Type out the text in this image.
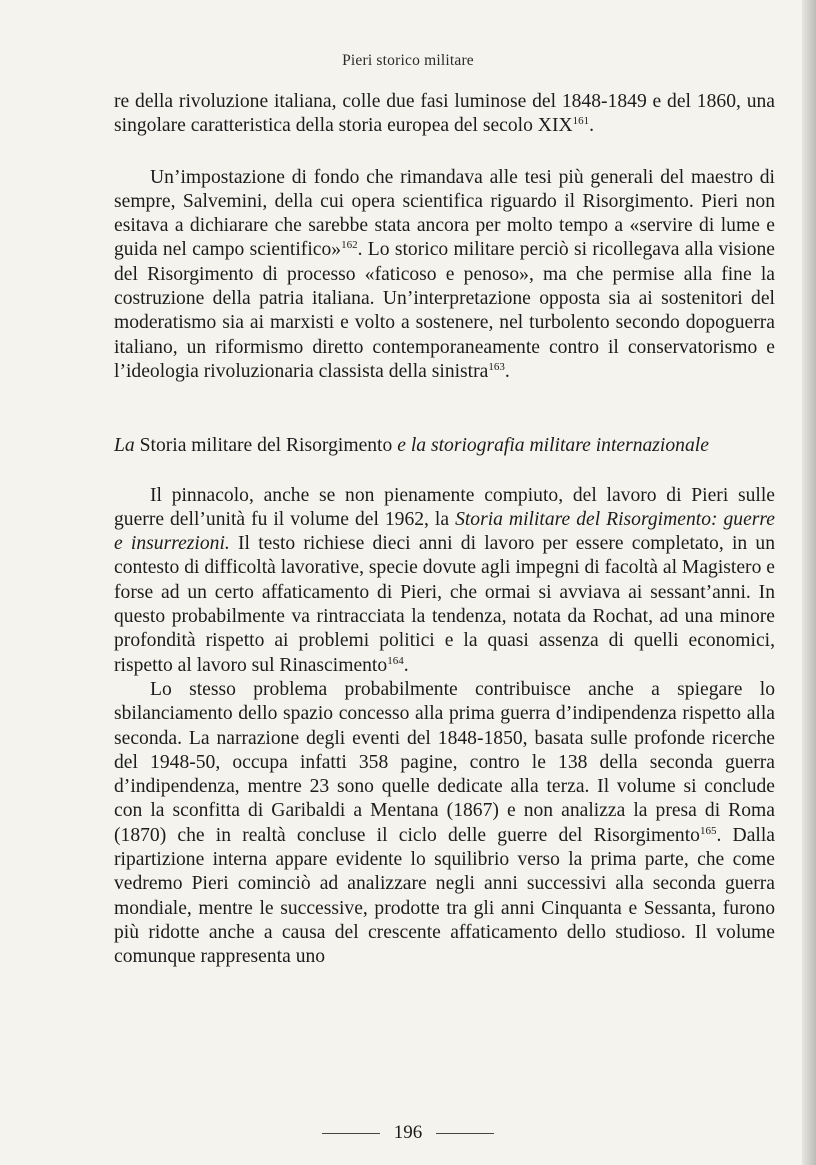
Pieri storico militare

re della rivoluzione italiana, colle due fasi luminose del 1848-1849 e del 1860, una singolare caratteristica della storia europea del secolo XIX$^{161}$.

Un’impostazione di fondo che rimandava alle tesi più generali del maestro di sempre, Salvemini, della cui opera scientifica riguardo il Risorgimento. Pieri non esitava a dichiarare che sarebbe stata ancora per molto tempo a «servire di lume e guida nel campo scientifico»$^{162}$. Lo storico militare perciò si ricollegava alla visione del Risorgimento di processo «faticoso e penoso», ma che permise alla fine la costruzione della patria italiana. Un’interpretazione opposta sia ai sostenitori del moderatismo sia ai marxisti e volto a sostenere, nel turbolento secondo dopoguerra italiano, un riformismo diretto contemporaneamente contro il conservatorismo e l’ideologia rivoluzionaria classista della sinistra$^{163}$.

La Storia militare del Risorgimento e la storiografia militare internazionale

Il pinnacolo, anche se non pienamente compiuto, del lavoro di Pieri sulle guerre dell’unità fu il volume del 1962, la Storia militare del Risorgimento: guerre e insurrezioni. Il testo richiese dieci anni di lavoro per essere completato, in un contesto di difficoltà lavorative, specie dovute agli impegni di facoltà al Magistero e forse ad un certo affaticamento di Pieri, che ormai si avviava ai sessant’anni. In questo probabilmente va rintracciata la tendenza, notata da Rochat, ad una minore profondità rispetto ai problemi politici e la quasi assenza di quelli economici, rispetto al lavoro sul Rinascimento$^{164}$.

Lo stesso problema probabilmente contribuisce anche a spiegare lo sbilanciamento dello spazio concesso alla prima guerra d’indipendenza rispetto alla seconda. La narrazione degli eventi del 1848-1850, basata sulle profonde ricerche del 1948-50, occupa infatti 358 pagine, contro le 138 della seconda guerra d’indipendenza, mentre 23 sono quelle dedicate alla terza. Il volume si conclude con la sconfitta di Garibaldi a Mentana (1867) e non analizza la presa di Roma (1870) che in realtà concluse il ciclo delle guerre del Risorgimento$^{165}$. Dalla ripartizione interna appare evidente lo squilibrio verso la prima parte, che come vedremo Pieri cominciò ad analizzare negli anni successivi alla seconda guerra mondiale, mentre le successive, prodotte tra gli anni Cinquanta e Sessanta, furono più ridotte anche a causa del crescente affaticamento dello studioso. Il volume comunque rappresenta uno

196
